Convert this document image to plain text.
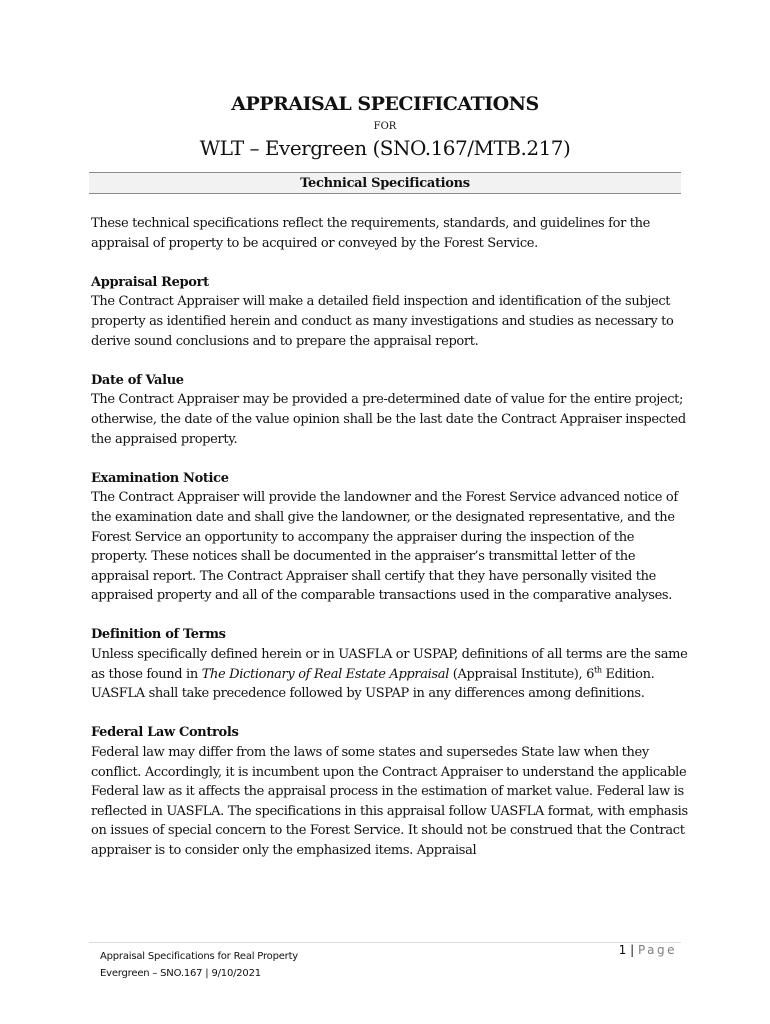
APPRAISAL SPECIFICATIONS
FOR
WLT – Evergreen (SNO.167/MTB.217)
Technical Specifications

These technical specifications reflect the requirements, standards, and guidelines for the appraisal of property to be acquired or conveyed by the Forest Service.

Appraisal Report

The Contract Appraiser will make a detailed field inspection and identification of the subject property as identified herein and conduct as many investigations and studies as necessary to derive sound conclusions and to prepare the appraisal report.

Date of Value

The Contract Appraiser may be provided a pre-determined date of value for the entire project; otherwise, the date of the value opinion shall be the last date the Contract Appraiser inspected the appraised property.

Examination Notice

The Contract Appraiser will provide the landowner and the Forest Service advanced notice of the examination date and shall give the landowner, or the designated representative, and the Forest Service an opportunity to accompany the appraiser during the inspection of the property. These notices shall be documented in the appraiser’s transmittal letter of the appraisal report. The Contract Appraiser shall certify that they have personally visited the appraised property and all of the comparable transactions used in the comparative analyses.

Definition of Terms

Unless specifically defined herein or in UASFLA or USPAP, definitions of all terms are the same as those found in The Dictionary of Real Estate Appraisal (Appraisal Institute), 6th Edition. UASFLA shall take precedence followed by USPAP in any differences among definitions.

Federal Law Controls

Federal law may differ from the laws of some states and supersedes State law when they conflict. Accordingly, it is incumbent upon the Contract Appraiser to understand the applicable Federal law as it affects the appraisal process in the estimation of market value. Federal law is reflected in UASFLA. The specifications in this appraisal follow UASFLA format, with emphasis on issues of special concern to the Forest Service. It should not be construed that the Contract appraiser is to consider only the emphasized items. Appraisal

Appraisal Specifications for Real Property
Evergreen – SNO.167 | 9/10/2021
1 | Page
